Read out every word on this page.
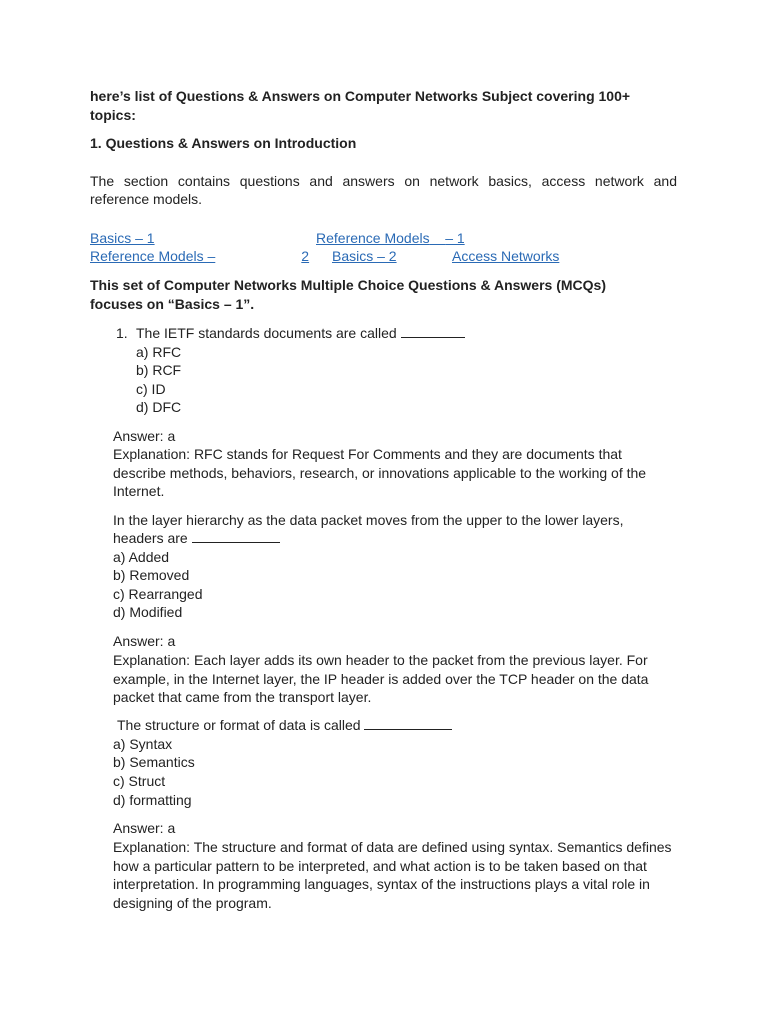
here’s list of Questions & Answers on Computer Networks Subject covering 100+
topics:
1. Questions & Answers on Introduction
The section contains questions and answers on network basics, access network and
reference models.
Basics – 1	Reference Models – 1
Reference Models –	2 Basics – 2	Access Networks
This set of Computer Networks Multiple Choice Questions & Answers (MCQs)
focuses on “Basics – 1”.
1. The IETF standards documents are called
a) RFC
b) RCF
c) ID
d) DFC
Answer: a
Explanation: RFC stands for Request For Comments and they are documents that describe methods, behaviors, research, or innovations applicable to the working of the Internet.
In the layer hierarchy as the data packet moves from the upper to the lower layers,
headers are
a) Added
b) Removed
c) Rearranged
d) Modified
Answer: a
Explanation: Each layer adds its own header to the packet from the previous layer. For example, in the Internet layer, the IP header is added over the TCP header on the data packet that came from the transport layer.
The structure or format of data is called
a) Syntax
b) Semantics
c) Struct
d) formatting
Answer: a
Explanation: The structure and format of data are defined using syntax. Semantics defines how a particular pattern to be interpreted, and what action is to be taken based on that interpretation. In programming languages, syntax of the instructions plays a vital role in designing of the program.
